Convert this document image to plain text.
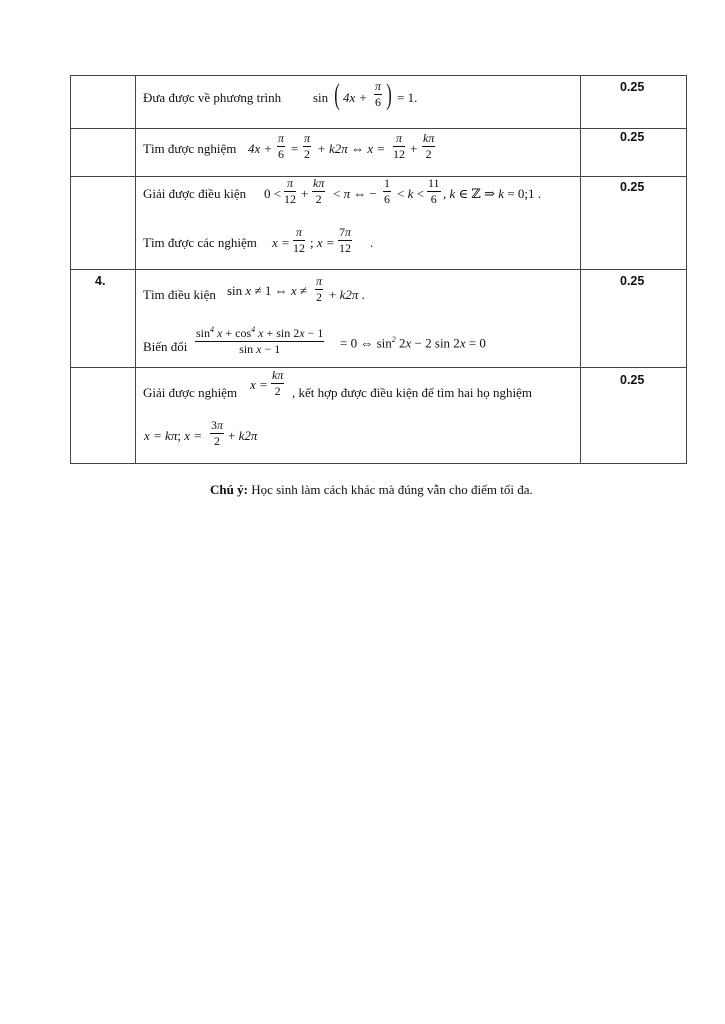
Đưa được về phương trình sin ( 4x +
π
6 ) = 1.
0.25
Tìm được nghiệm 4x +
π
6 =
π
2 + k2π ⇔ x =
π
12 +
kπ
2
0.25
Giải được điều kiện 0 <
π
12 +
kπ
2 < π ⇔ −
1
6 < k <
11
6 , k ∈ ℤ ⇒ k = 0;1 .	0.25
Tìm được các nghiệm x =
π
12 ; x =
7π
12 .
4.
Tìm điều kiện sin x ≠ 1 ⇔ x ≠
π
2 + k2π .
0.25
Biến đổi
$\sin^4 x + \cos^4 x + \sin 2x - 1$
sin x − 1	= 0 ⇔ $\sin^2 2x - 2$ sin 2x = 0
Giải được nghiệm
x =
kπ
2 , kết hợp được điều kiện để tìm hai họ nghiệm
0.25
x = kπ; x =
3π
2 + k2π
Chú ý: Học sinh làm cách khác mà đúng vẫn cho điểm tối đa.
